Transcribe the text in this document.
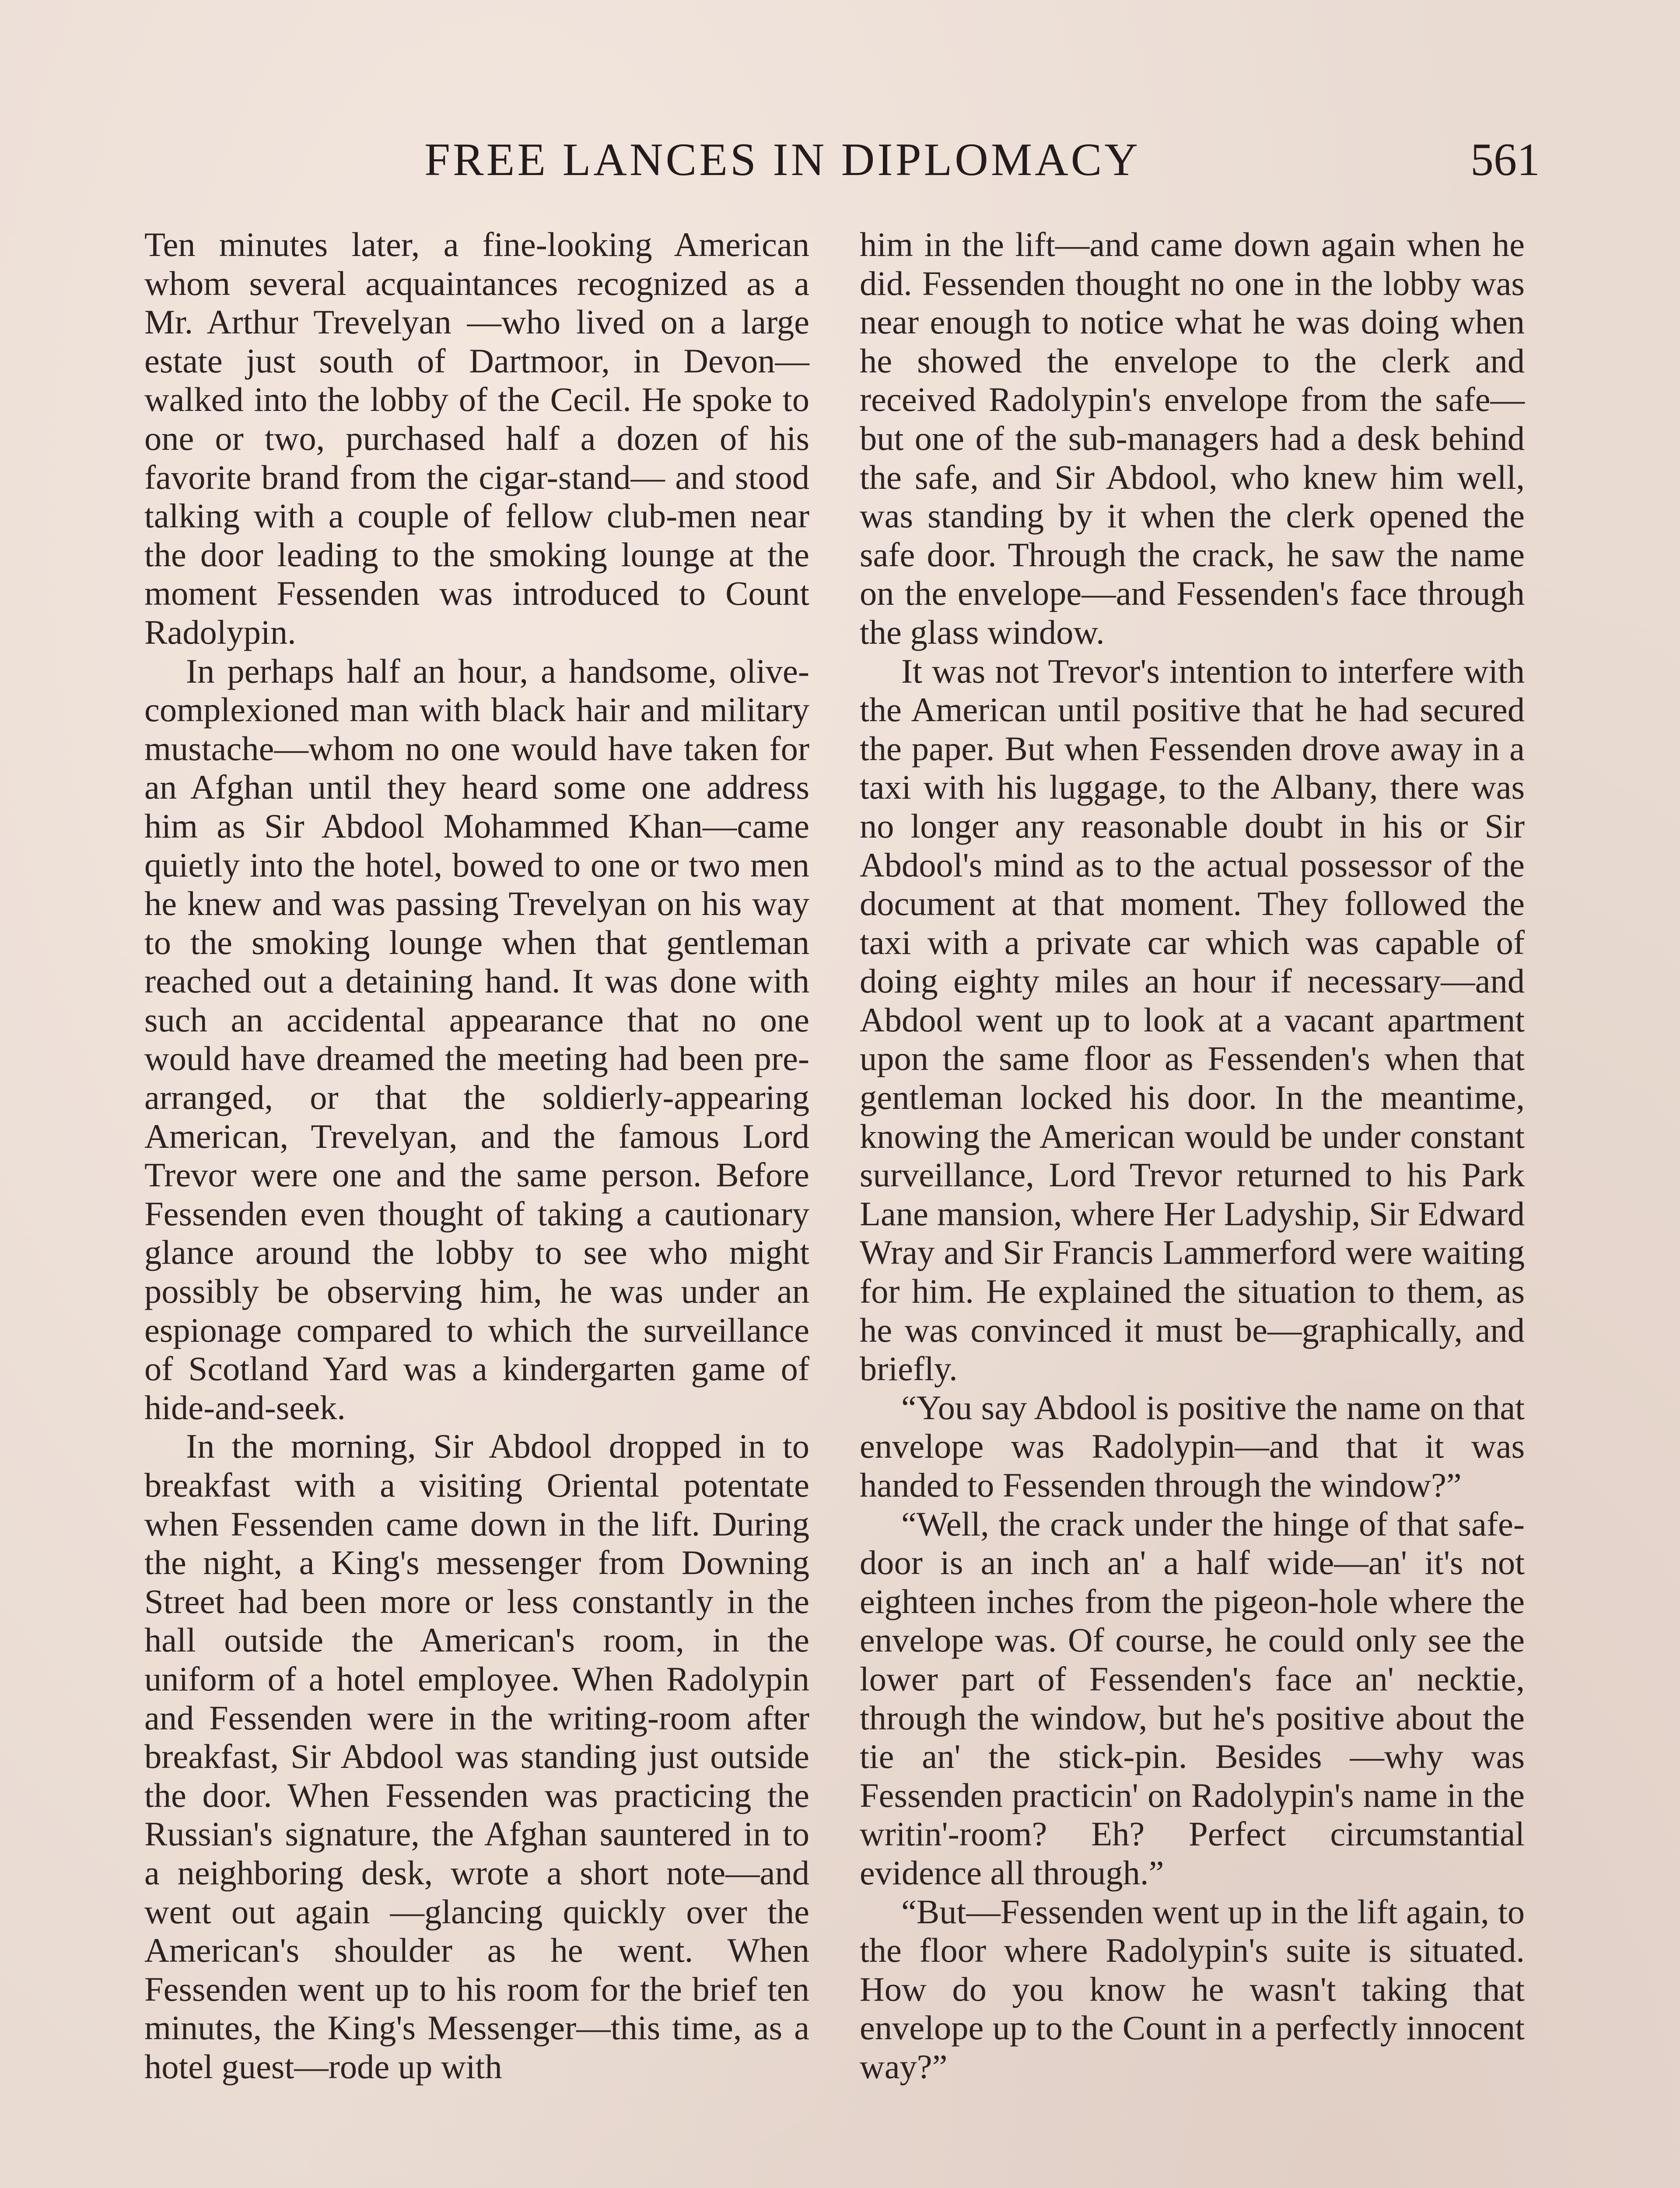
FREE LANCES IN DIPLOMACY	561

Ten minutes later, a fine-looking American whom several acquaintances recognized as a Mr. Arthur Trevelyan —who lived on a large estate just south of Dartmoor, in Devon—walked into the lobby of the Cecil. He spoke to one or two, purchased half a dozen of his favorite brand from the cigar-stand— and stood talking with a couple of fellow club-men near the door leading to the smoking lounge at the moment Fessenden was introduced to Count Radolypin.

In perhaps half an hour, a handsome, olive-complexioned man with black hair and military mustache—whom no one would have taken for an Afghan until they heard some one address him as Sir Abdool Mohammed Khan—came quietly into the hotel, bowed to one or two men he knew and was passing Trevelyan on his way to the smoking lounge when that gentleman reached out a detaining hand. It was done with such an accidental appearance that no one would have dreamed the meeting had been pre-arranged, or that the soldierly-appearing American, Trevelyan, and the famous Lord Trevor were one and the same person. Before Fessenden even thought of taking a cautionary glance around the lobby to see who might possibly be observing him, he was under an espionage compared to which the surveillance of Scotland Yard was a kindergarten game of hide-and-seek.

In the morning, Sir Abdool dropped in to breakfast with a visiting Oriental potentate when Fessenden came down in the lift. During the night, a King's messenger from Downing Street had been more or less constantly in the hall outside the American's room, in the uniform of a hotel employee. When Radolypin and Fessenden were in the writing-room after breakfast, Sir Abdool was standing just outside the door. When Fessenden was practicing the Russian's signature, the Afghan sauntered in to a neighboring desk, wrote a short note—and went out again —glancing quickly over the American's shoulder as he went. When Fessenden went up to his room for the brief ten minutes, the King's Messenger—this time, as a hotel guest—rode up with

him in the lift—and came down again when he did. Fessenden thought no one in the lobby was near enough to notice what he was doing when he showed the envelope to the clerk and received Radolypin's envelope from the safe— but one of the sub-managers had a desk behind the safe, and Sir Abdool, who knew him well, was standing by it when the clerk opened the safe door. Through the crack, he saw the name on the envelope—and Fessenden's face through the glass window.

It was not Trevor's intention to interfere with the American until positive that he had secured the paper. But when Fessenden drove away in a taxi with his luggage, to the Albany, there was no longer any reasonable doubt in his or Sir Abdool's mind as to the actual possessor of the document at that moment. They followed the taxi with a private car which was capable of doing eighty miles an hour if necessary—and Abdool went up to look at a vacant apartment upon the same floor as Fessenden's when that gentleman locked his door. In the meantime, knowing the American would be under constant surveillance, Lord Trevor returned to his Park Lane mansion, where Her Ladyship, Sir Edward Wray and Sir Francis Lammerford were waiting for him. He explained the situation to them, as he was convinced it must be—graphically, and briefly.

“You say Abdool is positive the name on that envelope was Radolypin—and that it was handed to Fessenden through the window?”

“Well, the crack under the hinge of that safe-door is an inch an' a half wide—an' it's not eighteen inches from the pigeon-hole where the envelope was. Of course, he could only see the lower part of Fessenden's face an' necktie, through the window, but he's positive about the tie an' the stick-pin. Besides —why was Fessenden practicin' on Radolypin's name in the writin'-room? Eh? Perfect circumstantial evidence all through.”

“But—Fessenden went up in the lift again, to the floor where Radolypin's suite is situated. How do you know he wasn't taking that envelope up to the Count in a perfectly innocent way?”
